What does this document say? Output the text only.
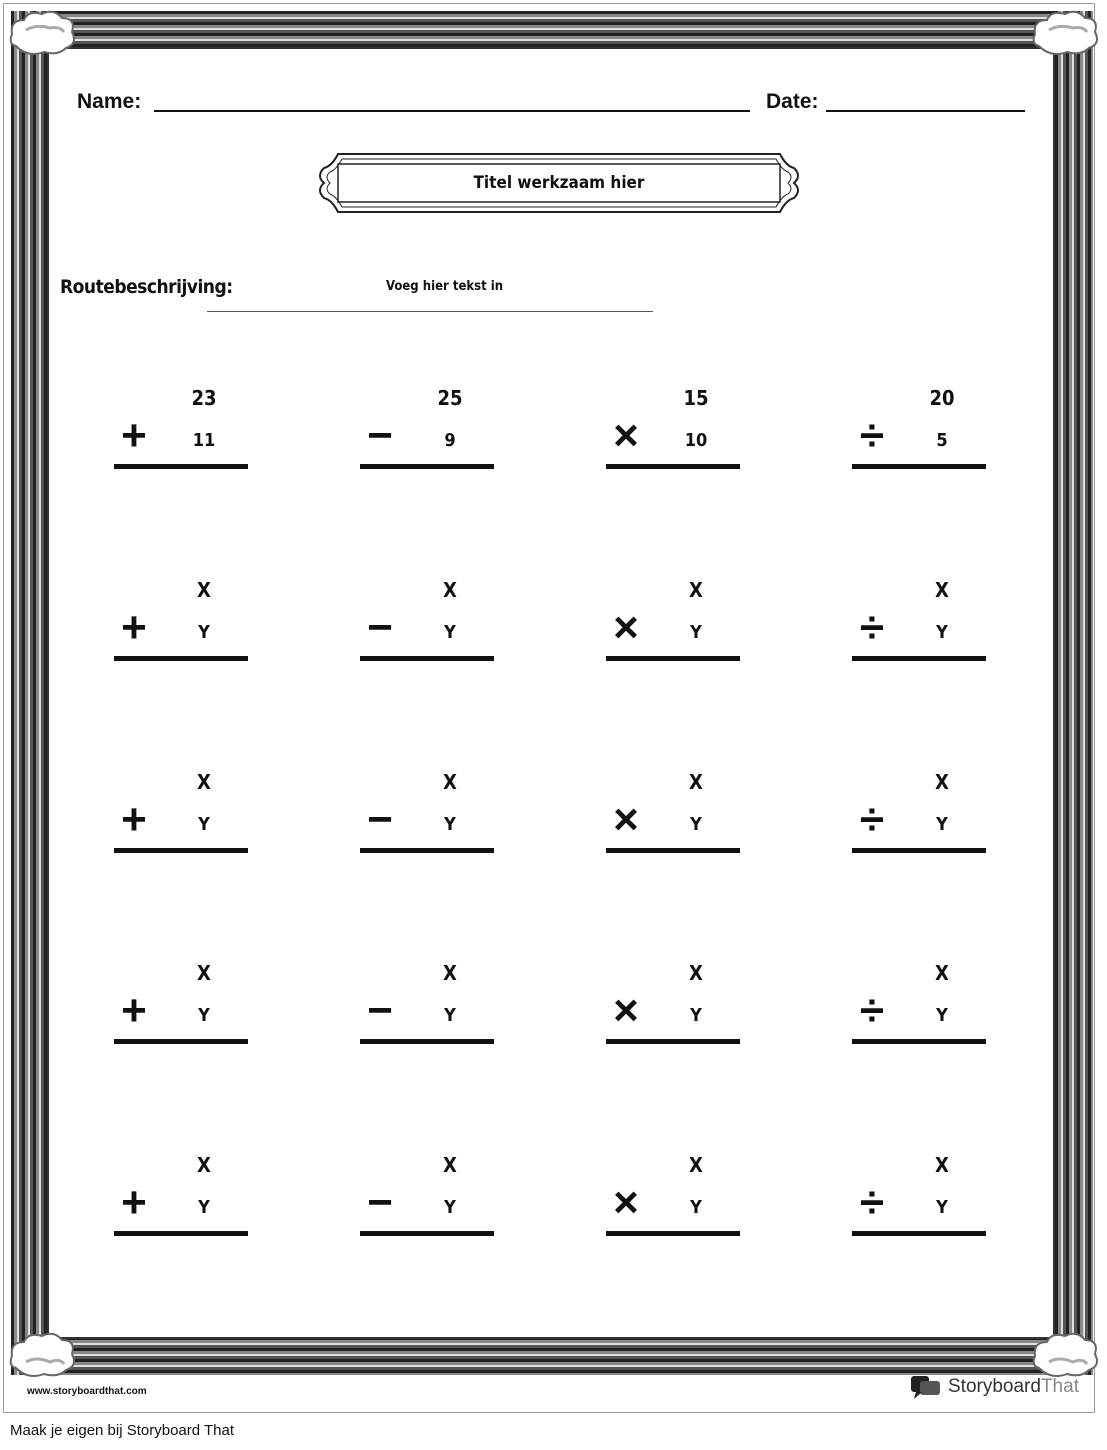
Name:	Date:
Titel werkzaam hier
Routebeschrijving:	Voeg hier tekst in
23
+	11
25
−	9
15
×	10
20
÷	5
X
+	Y
X
−	Y
X
×	Y
X
÷	Y
X
+	Y
X
−	Y
X
×	Y
X
÷	Y
X
+	Y
X
−	Y
X
×	Y
X
÷	Y
X
+	Y
X
−	Y
X
×	Y
X
÷	Y
www.storyboardthat.com	StoryboardThat
Maak je eigen bij Storyboard That
